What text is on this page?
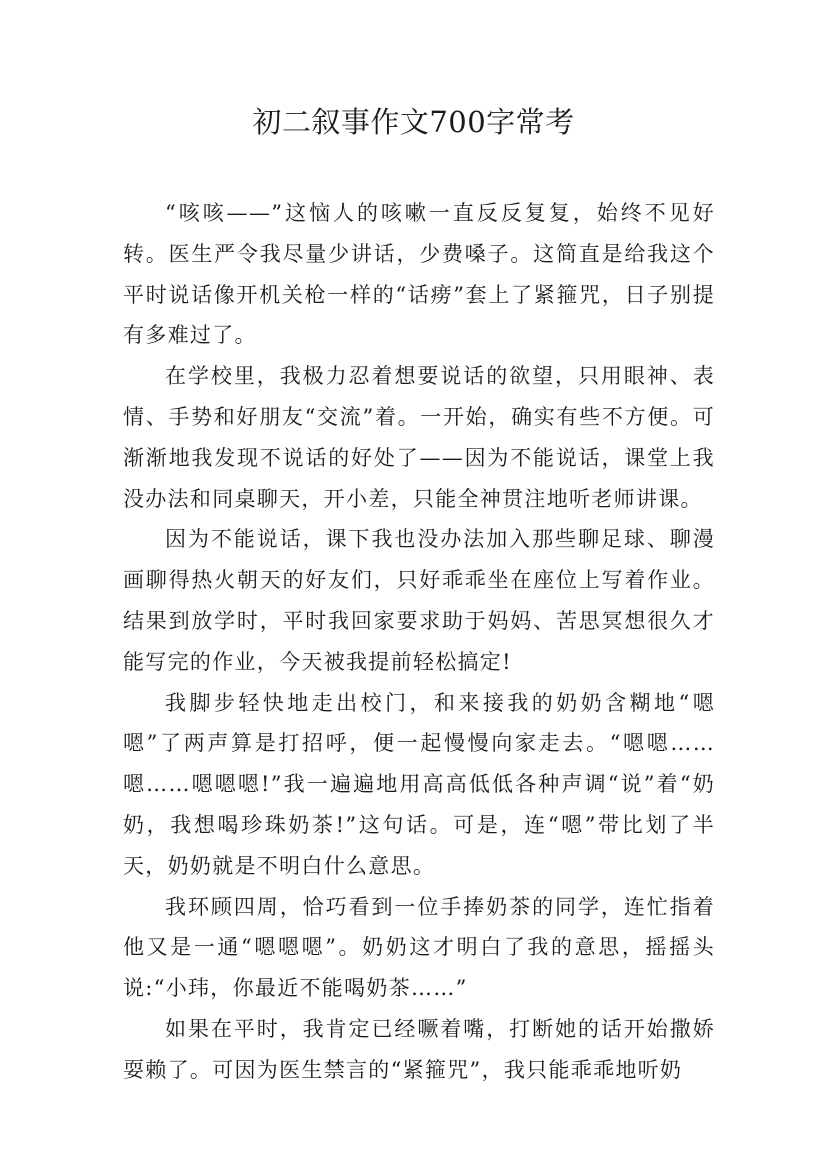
初二叙事作文700字常考

“咳咳——”这恼人的咳嗽一直反反复复，始终不见好转。医生严令我尽量少讲话，少费嗓子。这简直是给我这个平时说话像开机关枪一样的“话痨”套上了紧箍咒，日子别提有多难过了。

在学校里，我极力忍着想要说话的欲望，只用眼神、表情、手势和好朋友“交流”着。一开始，确实有些不方便。可渐渐地我发现不说话的好处了——因为不能说话，课堂上我没办法和同桌聊天，开小差，只能全神贯注地听老师讲课。

因为不能说话，课下我也没办法加入那些聊足球、聊漫画聊得热火朝天的好友们，只好乖乖坐在座位上写着作业。结果到放学时，平时我回家要求助于妈妈、苦思冥想很久才能写完的作业，今天被我提前轻松搞定!

我脚步轻快地走出校门，和来接我的奶奶含糊地“嗯嗯”了两声算是打招呼，便一起慢慢向家走去。“嗯嗯……嗯……嗯嗯嗯!”我一遍遍地用高高低低各种声调“说”着“奶奶，我想喝珍珠奶茶!”这句话。可是，连“嗯”带比划了半天，奶奶就是不明白什么意思。

我环顾四周，恰巧看到一位手捧奶茶的同学，连忙指着他又是一通“嗯嗯嗯”。奶奶这才明白了我的意思，摇摇头说:“小玮，你最近不能喝奶茶……”

如果在平时，我肯定已经噘着嘴，打断她的话开始撒娇耍赖了。可因为医生禁言的“紧箍咒”，我只能乖乖地听奶
